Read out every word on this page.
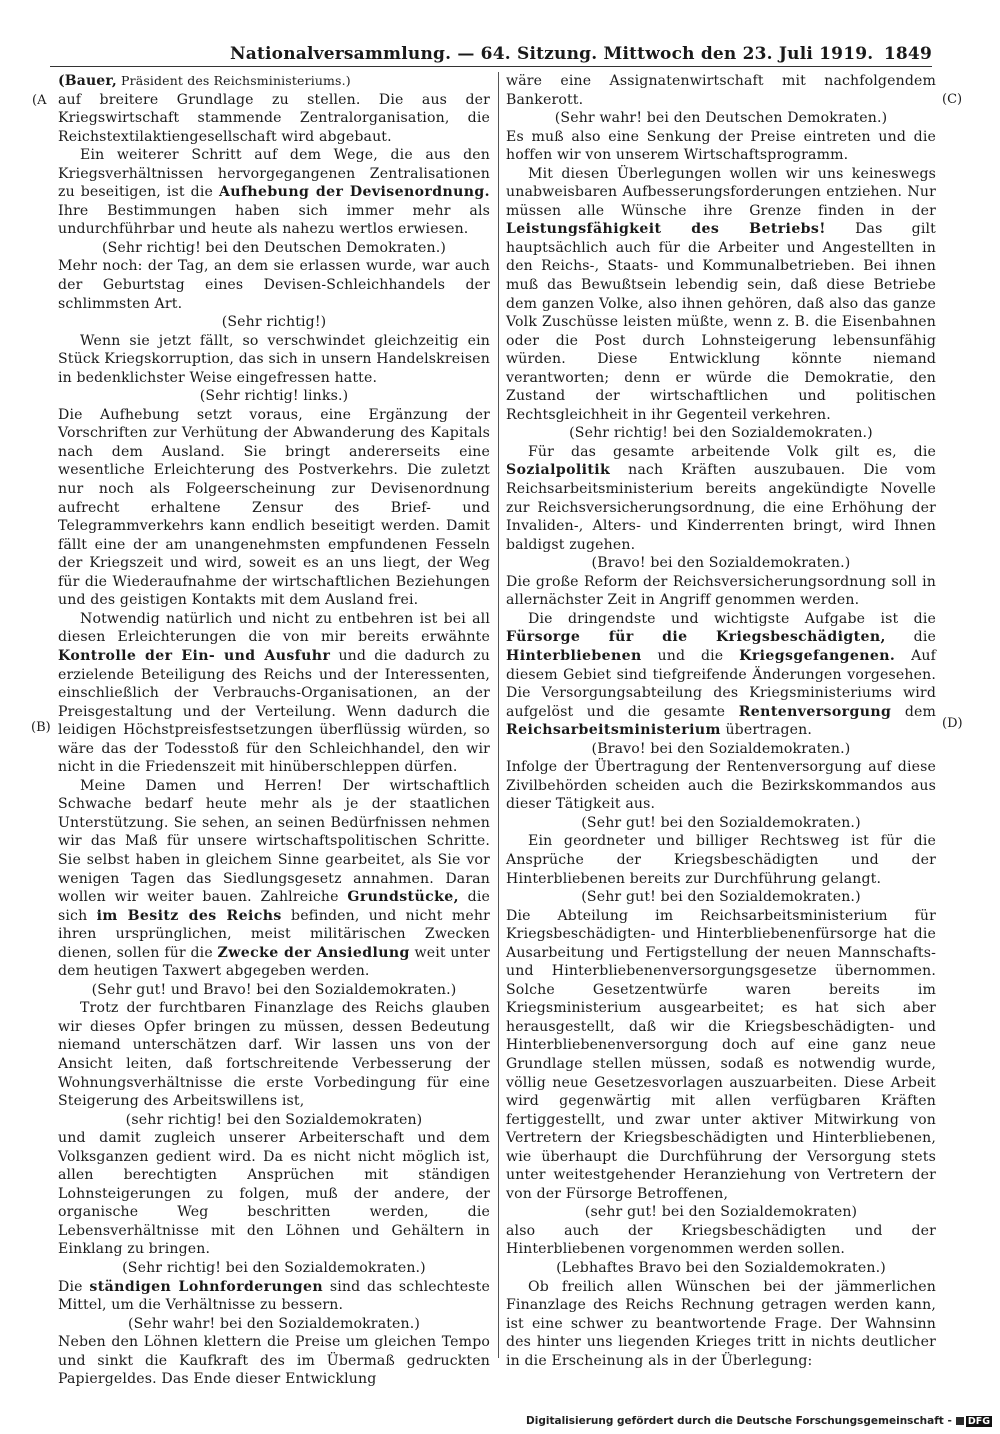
Nationalversammlung. — 64. Sitzung. Mittwoch den 23. Juli 1919. 1849
(A
(B)
(C)
(D)

(Bauer, Präsident des Reichsministeriums.)

auf breitere Grundlage zu stellen. Die aus der Kriegswirtschaft stammende Zentralorganisation, die Reichstextilaktiengesellschaft wird abgebaut.

Ein weiterer Schritt auf dem Wege, die aus den Kriegsverhältnissen hervorgegangenen Zentralisationen zu beseitigen, ist die Aufhebung der Devisenordnung. Ihre Bestimmungen haben sich immer mehr als undurchführbar und heute als nahezu wertlos erwiesen.

(Sehr richtig! bei den Deutschen Demokraten.)

Mehr noch: der Tag, an dem sie erlassen wurde, war auch der Geburtstag eines Devisen-Schleichhandels der schlimmsten Art.

(Sehr richtig!)

Wenn sie jetzt fällt, so verschwindet gleichzeitig ein Stück Kriegskorruption, das sich in unsern Handelskreisen in bedenklichster Weise eingefressen hatte.

(Sehr richtig! links.)

Die Aufhebung setzt voraus, eine Ergänzung der Vorschriften zur Verhütung der Abwanderung des Kapitals nach dem Ausland. Sie bringt andererseits eine wesentliche Erleichterung des Postverkehrs. Die zuletzt nur noch als Folgeerscheinung zur Devisenordnung aufrecht erhaltene Zensur des Brief- und Telegrammverkehrs kann endlich beseitigt werden. Damit fällt eine der am unangenehmsten empfundenen Fesseln der Kriegszeit und wird, soweit es an uns liegt, der Weg für die Wiederaufnahme der wirtschaftlichen Beziehungen und des geistigen Kontakts mit dem Ausland frei.

Notwendig natürlich und nicht zu entbehren ist bei all diesen Erleichterungen die von mir bereits erwähnte Kontrolle der Ein- und Ausfuhr und die dadurch zu erzielende Beteiligung des Reichs und der Interessenten, einschließlich der Verbrauchs-Organisationen, an der Preisgestaltung und der Verteilung. Wenn dadurch die leidigen Höchstpreisfestsetzungen überflüssig würden, so wäre das der Todesstoß für den Schleichhandel, den wir nicht in die Friedenszeit mit hinüberschleppen dürfen.

Meine Damen und Herren! Der wirtschaftlich Schwache bedarf heute mehr als je der staatlichen Unterstützung. Sie sehen, an seinen Bedürfnissen nehmen wir das Maß für unsere wirtschaftspolitischen Schritte. Sie selbst haben in gleichem Sinne gearbeitet, als Sie vor wenigen Tagen das Siedlungsgesetz annahmen. Daran wollen wir weiter bauen. Zahlreiche Grundstücke, die sich im Besitz des Reichs befinden, und nicht mehr ihren ursprünglichen, meist militärischen Zwecken dienen, sollen für die Zwecke der Ansiedlung weit unter dem heutigen Taxwert abgegeben werden.

(Sehr gut! und Bravo! bei den Sozialdemokraten.)

Trotz der furchtbaren Finanzlage des Reichs glauben wir dieses Opfer bringen zu müssen, dessen Bedeutung niemand unterschätzen darf. Wir lassen uns von der Ansicht leiten, daß fortschreitende Verbesserung der Wohnungsverhältnisse die erste Vorbedingung für eine Steigerung des Arbeitswillens ist,

(sehr richtig! bei den Sozialdemokraten)

und damit zugleich unserer Arbeiterschaft und dem Volksganzen gedient wird. Da es nicht nicht möglich ist, allen berechtigten Ansprüchen mit ständigen Lohnsteigerungen zu folgen, muß der andere, der organische Weg beschritten werden, die Lebensverhältnisse mit den Löhnen und Gehältern in Einklang zu bringen.

(Sehr richtig! bei den Sozialdemokraten.)

Die ständigen Lohnforderungen sind das schlechteste Mittel, um die Verhältnisse zu bessern.

(Sehr wahr! bei den Sozialdemokraten.)

Neben den Löhnen klettern die Preise um gleichen Tempo und sinkt die Kaufkraft des im Übermaß gedruckten Papiergeldes. Das Ende dieser Entwicklung

wäre eine Assignatenwirtschaft mit nachfolgendem Bankerott.

(Sehr wahr! bei den Deutschen Demokraten.)

Es muß also eine Senkung der Preise eintreten und die hoffen wir von unserem Wirtschaftsprogramm.

Mit diesen Überlegungen wollen wir uns keineswegs unabweisbaren Aufbesserungsforderungen entziehen. Nur müssen alle Wünsche ihre Grenze finden in der Leistungsfähigkeit des Betriebs! Das gilt hauptsächlich auch für die Arbeiter und Angestellten in den Reichs-, Staats- und Kommunalbetrieben. Bei ihnen muß das Bewußtsein lebendig sein, daß diese Betriebe dem ganzen Volke, also ihnen gehören, daß also das ganze Volk Zuschüsse leisten müßte, wenn z. B. die Eisenbahnen oder die Post durch Lohnsteigerung lebensunfähig würden. Diese Entwicklung könnte niemand verantworten; denn er würde die Demokratie, den Zustand der wirtschaftlichen und politischen Rechtsgleichheit in ihr Gegenteil verkehren.

(Sehr richtig! bei den Sozialdemokraten.)

Für das gesamte arbeitende Volk gilt es, die Sozialpolitik nach Kräften auszubauen. Die vom Reichsarbeitsministerium bereits angekündigte Novelle zur Reichsversicherungsordnung, die eine Erhöhung der Invaliden-, Alters- und Kinderrenten bringt, wird Ihnen baldigst zugehen.

(Bravo! bei den Sozialdemokraten.)

Die große Reform der Reichsversicherungsordnung soll in allernächster Zeit in Angriff genommen werden.

Die dringendste und wichtigste Aufgabe ist die Fürsorge für die Kriegsbeschädigten, die Hinterbliebenen und die Kriegsgefangenen. Auf diesem Gebiet sind tiefgreifende Änderungen vorgesehen. Die Versorgungsabteilung des Kriegsministeriums wird aufgelöst und die gesamte Rentenversorgung dem Reichsarbeitsministerium übertragen.

(Bravo! bei den Sozialdemokraten.)

Infolge der Übertragung der Rentenversorgung auf diese Zivilbehörden scheiden auch die Bezirkskommandos aus dieser Tätigkeit aus.

(Sehr gut! bei den Sozialdemokraten.)

Ein geordneter und billiger Rechtsweg ist für die Ansprüche der Kriegsbeschädigten und der Hinterbliebenen bereits zur Durchführung gelangt.

(Sehr gut! bei den Sozialdemokraten.)

Die Abteilung im Reichsarbeitsministerium für Kriegsbeschädigten- und Hinterbliebenenfürsorge hat die Ausarbeitung und Fertigstellung der neuen Mannschafts- und Hinterbliebenenversorgungsgesetze übernommen. Solche Gesetzentwürfe waren bereits im Kriegsministerium ausgearbeitet; es hat sich aber herausgestellt, daß wir die Kriegsbeschädigten- und Hinterbliebenenversorgung doch auf eine ganz neue Grundlage stellen müssen, sodaß es notwendig wurde, völlig neue Gesetzesvorlagen auszuarbeiten. Diese Arbeit wird gegenwärtig mit allen verfügbaren Kräften fertiggestellt, und zwar unter aktiver Mitwirkung von Vertretern der Kriegsbeschädigten und Hinterbliebenen, wie überhaupt die Durchführung der Versorgung stets unter weitestgehender Heranziehung von Vertretern der von der Fürsorge Betroffenen,

(sehr gut! bei den Sozialdemokraten)

also auch der Kriegsbeschädigten und der Hinterbliebenen vorgenommen werden sollen.

(Lebhaftes Bravo bei den Sozialdemokraten.)

Ob freilich allen Wünschen bei der jämmerlichen Finanzlage des Reichs Rechnung getragen werden kann, ist eine schwer zu beantwortende Frage. Der Wahnsinn des hinter uns liegenden Krieges tritt in nichts deutlicher in die Erscheinung als in der Überlegung:

Digitalisierung gefördert durch die Deutsche Forschungsgemeinschaft - DFG
